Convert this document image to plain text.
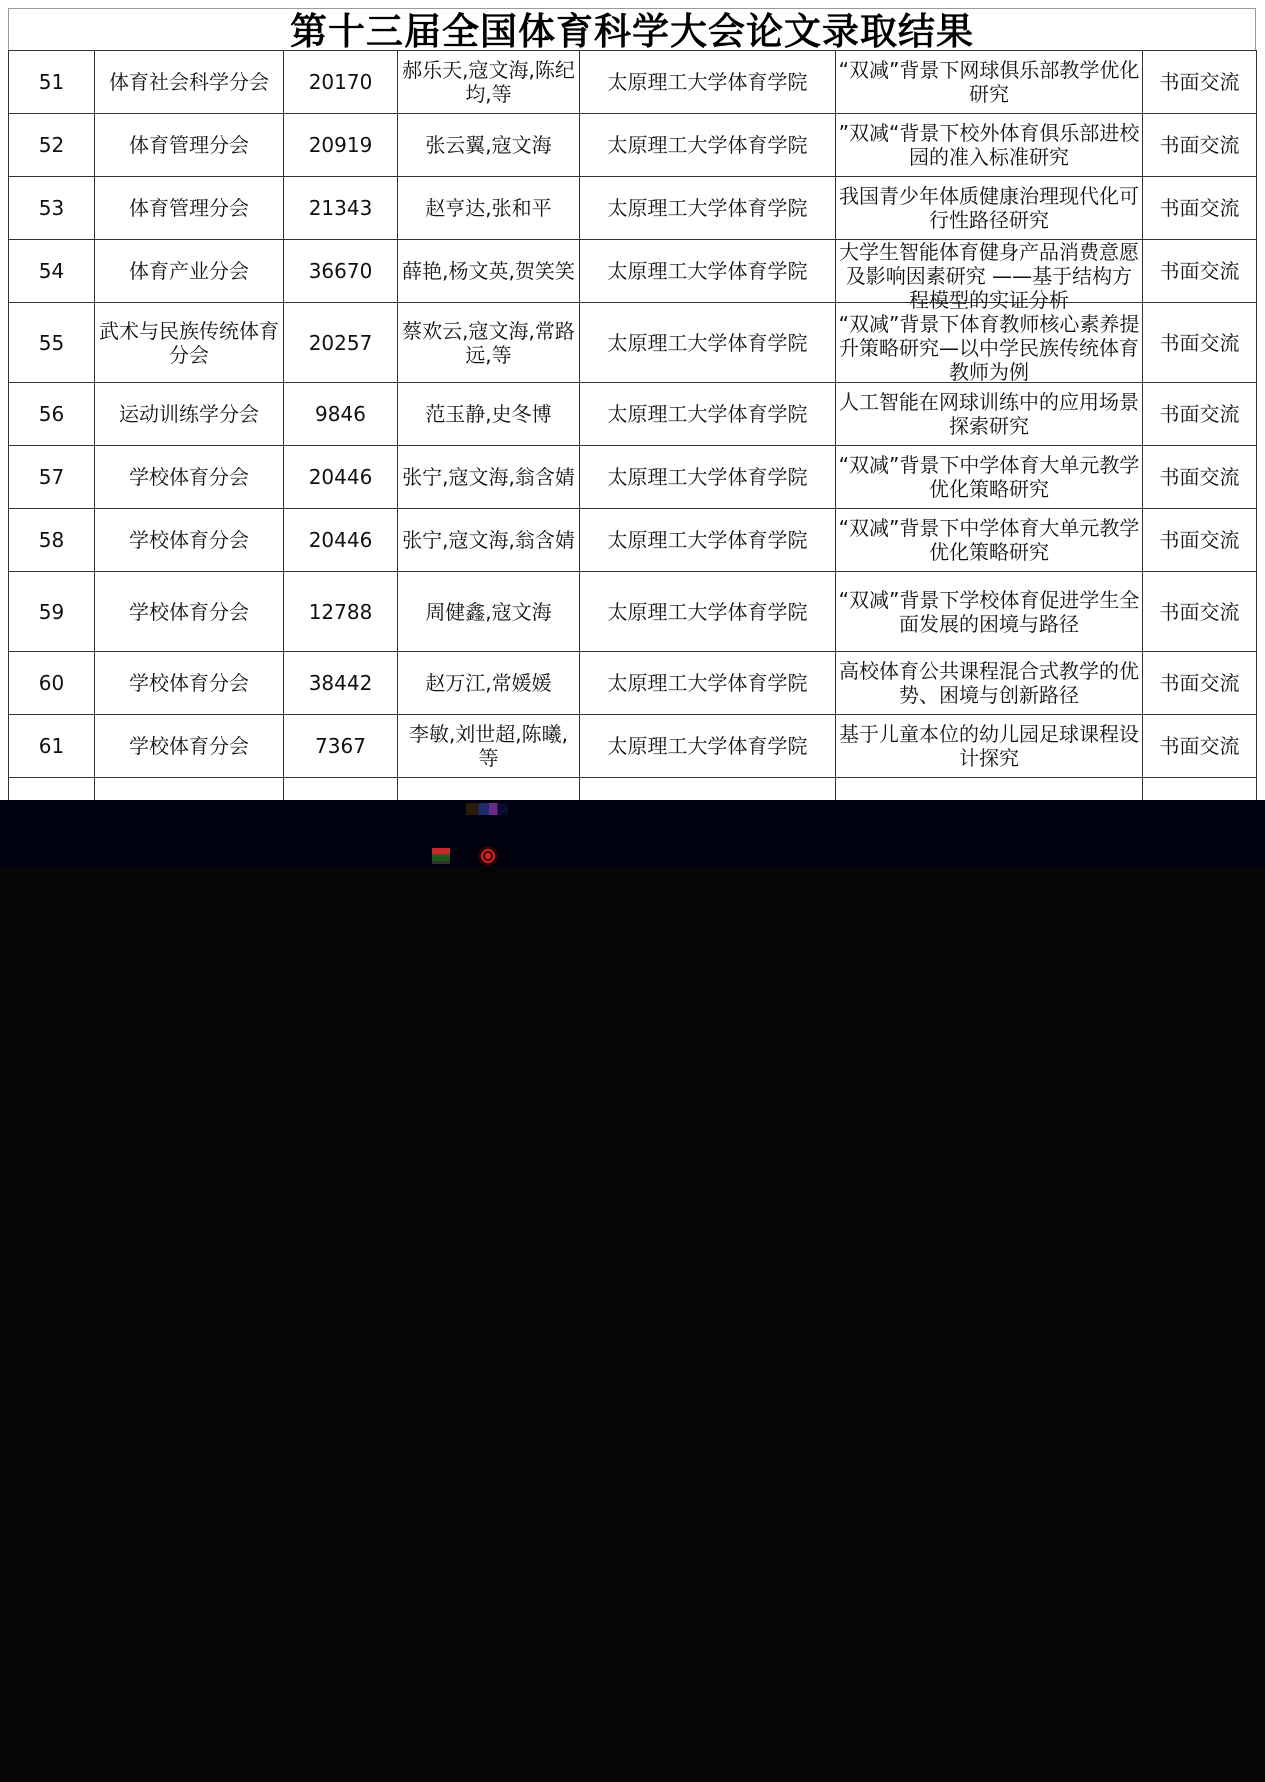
第十三届全国体育科学大会论文录取结果
51	体育社会科学分会	20170	郝乐天,寇文海,陈纪均,等	太原理工大学体育学院	“双减”背景下网球俱乐部教学优化研究	书面交流

52	体育管理分会	20919	张云翼,寇文海	太原理工大学体育学院	”双减“背景下校外体育俱乐部进校园的准入标准研究	书面交流

53	体育管理分会	21343	赵亨达,张和平	太原理工大学体育学院	我国青少年体质健康治理现代化可行性路径研究	书面交流

54	体育产业分会	36670	薛艳,杨文英,贺笑笑	太原理工大学体育学院	大学生智能体育健身产品消费意愿及影响因素研究 ——基于结构方程模型的实证分析	书面交流

55	武术与民族传统体育分会	20257	蔡欢云,寇文海,常路远,等	太原理工大学体育学院	“双减”背景下体育教师核心素养提升策略研究—以中学民族传统体育教师为例	书面交流

56	运动训练学分会	9846	范玉静,史冬博	太原理工大学体育学院	人工智能在网球训练中的应用场景探索研究	书面交流

57	学校体育分会	20446	张宁,寇文海,翁含婧	太原理工大学体育学院	“双减”背景下中学体育大单元教学优化策略研究	书面交流

58	学校体育分会	20446	张宁,寇文海,翁含婧	太原理工大学体育学院	“双减”背景下中学体育大单元教学优化策略研究	书面交流

59	学校体育分会	12788	周健鑫,寇文海	太原理工大学体育学院	“双减”背景下学校体育促进学生全面发展的困境与路径	书面交流

60	学校体育分会	38442	赵万江,常媛媛	太原理工大学体育学院	高校体育公共课程混合式教学的优势、困境与创新路径	书面交流

61	学校体育分会	7367	李敏,刘世超,陈曦,等	太原理工大学体育学院	基于儿童本位的幼儿园足球课程设计探究	书面交流
